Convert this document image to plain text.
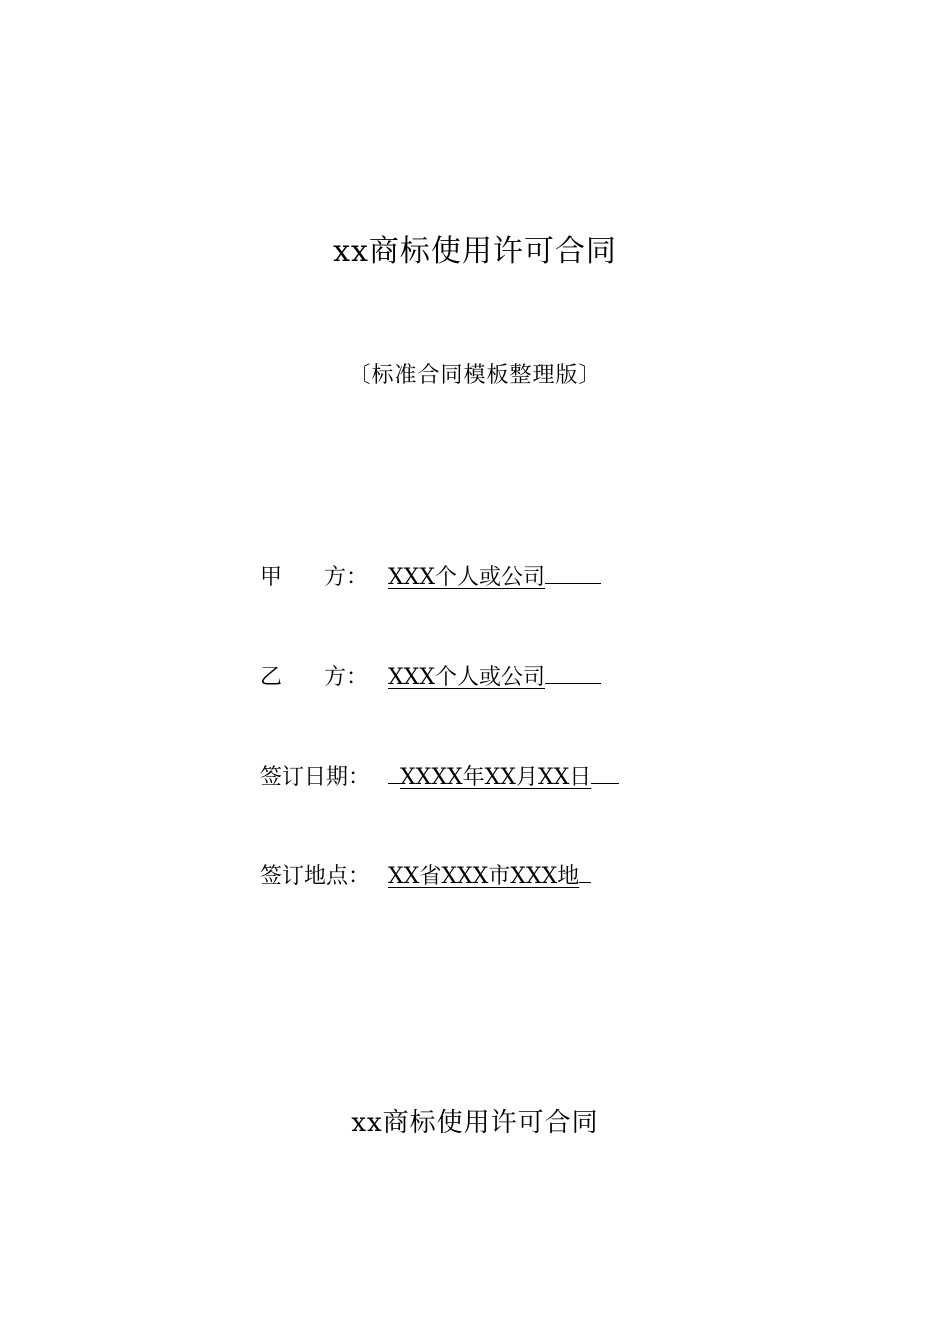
xx商标使用许可合同
〔标准合同模板整理版〕
甲 方： XXX个人或公司
乙 方： XXX个人或公司
签订日期：	XXXX年XX月XX日
签订地点： XX省XXX市XXX地
xx商标使用许可合同
